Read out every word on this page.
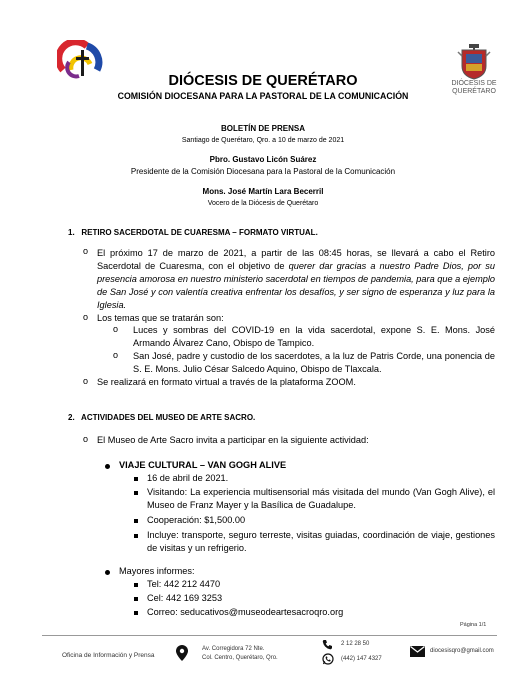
DIÓCESIS DE
QUERÉTARO
DIÓCESIS DE QUERÉTARO
COMISIÓN DIOCESANA PARA LA PASTORAL DE LA COMUNICACIÓN
BOLETÍN DE PRENSA
Santiago de Querétaro, Qro. a 10 de marzo de 2021
Pbro. Gustavo Licón Suárez
Presidente de la Comisión Diocesana para la Pastoral de la Comunicación
Mons. José Martín Lara Becerril
Vocero de la Diócesis de Querétaro
1.   RETIRO SACERDOTAL DE CUARESMA – FORMATO VIRTUAL.
o El próximo 17 de marzo de 2021, a partir de las 08:45 horas, se llevará a cabo el Retiro Sacerdotal de Cuaresma, con el objetivo de querer dar gracias a nuestro Padre Dios, por su presencia amorosa en nuestro ministerio sacerdotal en tiempos de pandemia, para que a ejemplo de San José y con valentía creativa enfrentar los desafíos, y ser signo de esperanza y luz para la Iglesia.
o Los temas que se tratarán son:
o Luces y sombras del COVID-19 en la vida sacerdotal, expone S. E. Mons. José Armando Álvarez Cano, Obispo de Tampico.
o San José, padre y custodio de los sacerdotes, a la luz de Patris Corde, una ponencia de S. E. Mons. Julio César Salcedo Aquino, Obispo de Tlaxcala.
o Se realizará en formato virtual a través de la plataforma ZOOM.
2.   ACTIVIDADES DEL MUSEO DE ARTE SACRO.
o El Museo de Arte Sacro invita a participar en la siguiente actividad:
VIAJE CULTURAL – VAN GOGH ALIVE
16 de abril de 2021.
Visitando: La experiencia multisensorial más visitada del mundo (Van Gogh Alive), el Museo de Franz Mayer y la Basílica de Guadalupe.
Cooperación: $1,500.00
Incluye: transporte, seguro terreste, visitas guiadas, coordinación de viaje, gestiones de visitas y un refrigerio.
Mayores informes:
Tel: 442 212 4470
Cel: 442 169 3253
Correo: seducativos@museodeartesacroqro.org
Página 1/1
Oficina de Información y Prensa
Av. Corregidora 72 Nte.
Col. Centro, Querétaro, Qro.
2 12 28 50
(442) 147 4327
diocesisqro@gmail.com
